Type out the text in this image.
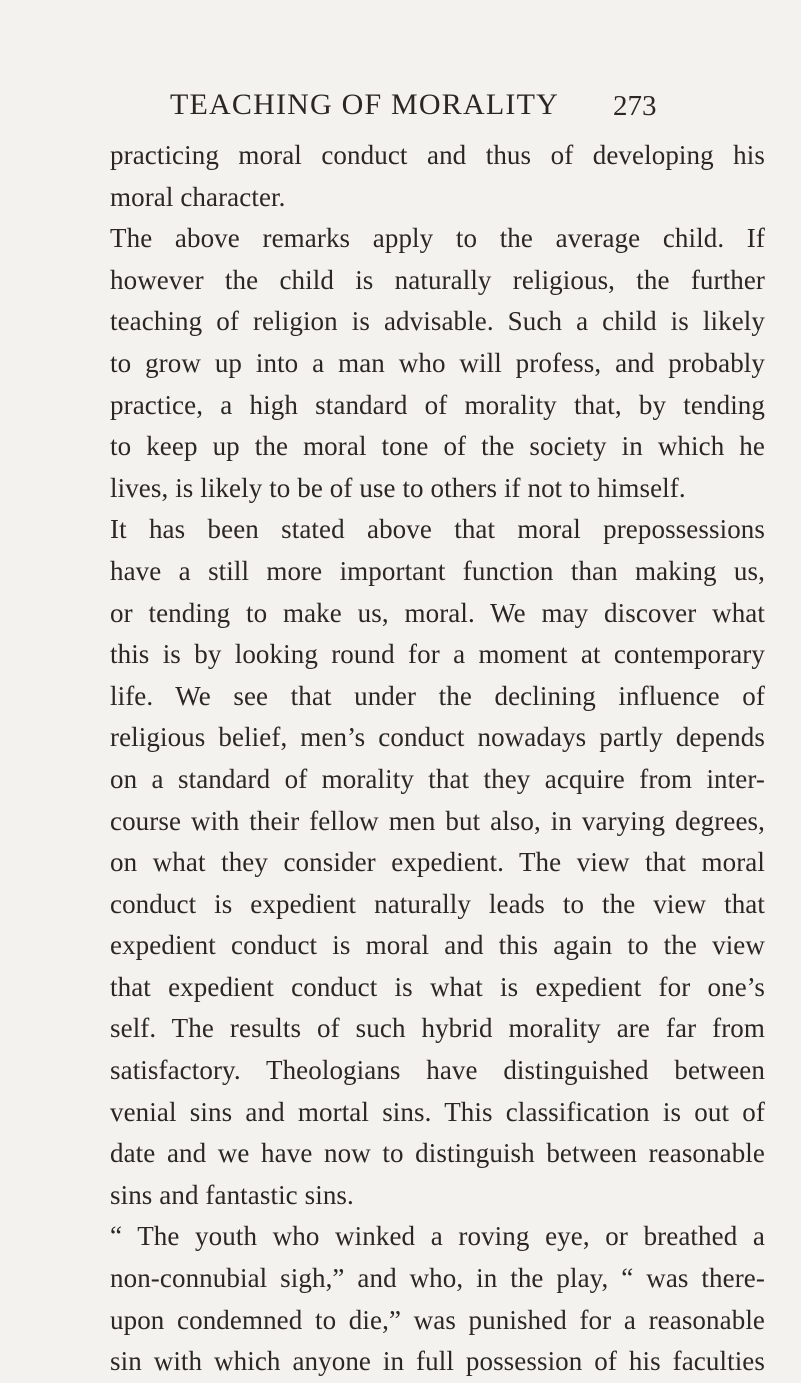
TEACHING OF MORALITY 273
practicing moral conduct and thus of developing his
moral character.
The above remarks apply to the average child. If
however the child is naturally religious, the further
teaching of religion is advisable. Such a child is likely
to grow up into a man who will profess, and probably
practice, a high standard of morality that, by tending
to keep up the moral tone of the society in which he
lives, is likely to be of use to others if not to himself.
It has been stated above that moral prepossessions
have a still more important function than making us,
or tending to make us, moral. We may discover what
this is by looking round for a moment at contemporary
life. We see that under the declining influence of
religious belief, men’s conduct nowadays partly depends
on a standard of morality that they acquire from inter-
course with their fellow men but also, in varying degrees,
on what they consider expedient. The view that moral
conduct is expedient naturally leads to the view that
expedient conduct is moral and this again to the view
that expedient conduct is what is expedient for one’s
self. The results of such hybrid morality are far from
satisfactory. Theologians have distinguished between
venial sins and mortal sins. This classification is out of
date and we have now to distinguish between reasonable
sins and fantastic sins.
“ The youth who winked a roving eye, or breathed a
non-connubial sigh,” and who, in the play, “ was there-
upon condemned to die,” was punished for a reasonable
sin with which anyone in full possession of his faculties
